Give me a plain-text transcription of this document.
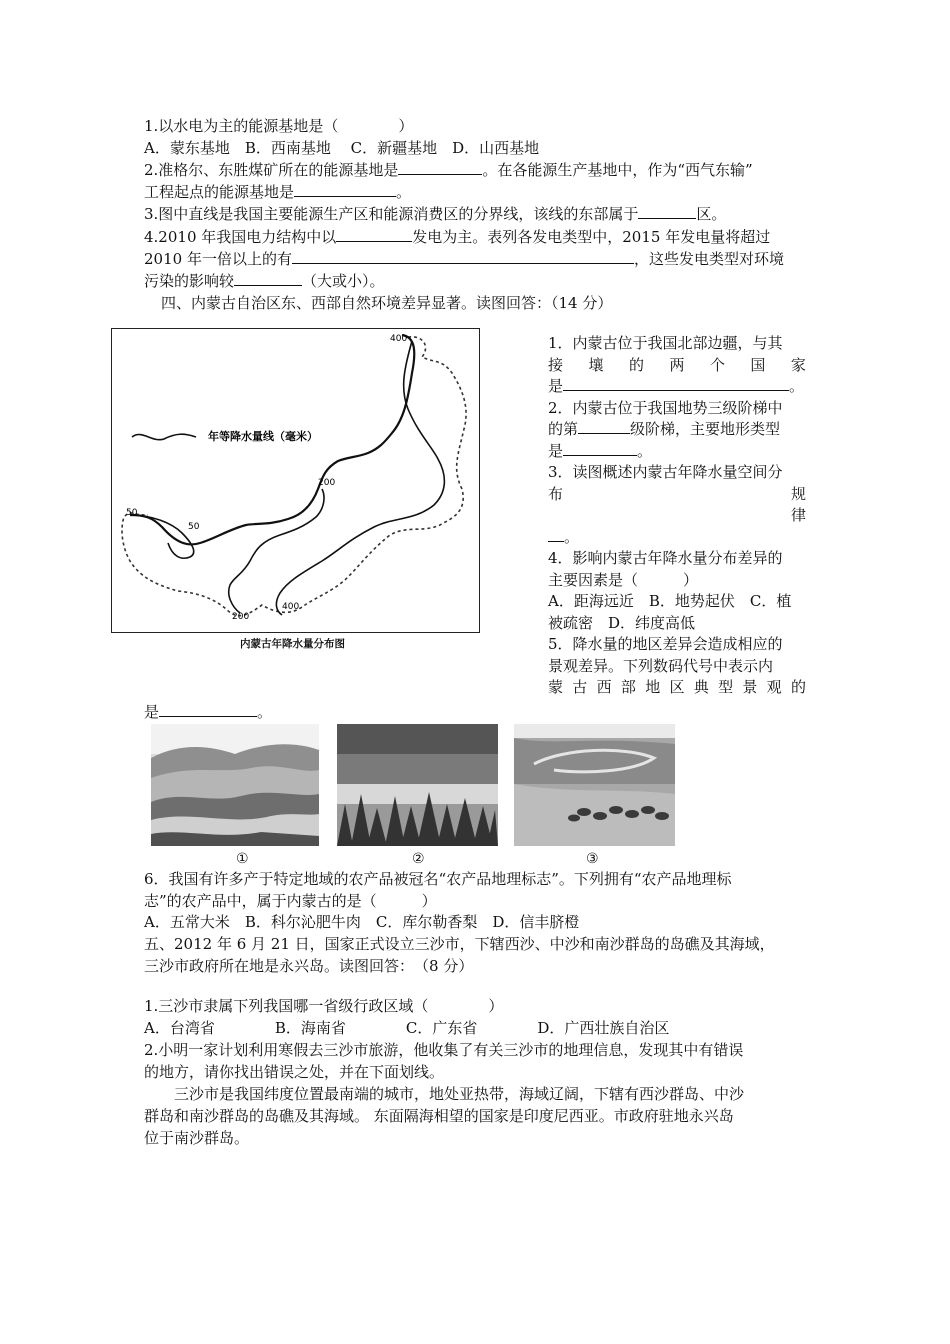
1.以水电为主的能源基地是（　　　　）
A．蒙东基地　B．西南基地　 C．新疆基地　D．山西基地
2.准格尔、东胜煤矿所在的能源基地是	。在各能源生产基地中，作为“西气东输”
工程起点的能源基地是	。
3.图中直线是我国主要能源生产区和能源消费区的分界线，该线的东部属于	区。
4.2010 年我国电力结构中以	发电为主。表列各发电类型中，2015 年发电量将超过
2010 年一倍以上的有	，这些发电类型对环境
污染的影响较	（大或小）。
四、内蒙古自治区东、西部自然环境差异显著。读图回答：（14 分）
年等降水量线（毫米）
400
200
50
50
200
400
内蒙古年降水量分布图
1．内蒙古位于我国北部边疆，与其
接 壤 的 两 个 国 家
是	。
2．内蒙古位于我国地势三级阶梯中
的第	级阶梯，主要地形类型
是	。
3．读图概述内蒙古年降水量空间分
布	规
律
。
4．影响内蒙古年降水量分布差异的
主要因素是（　　　）
A．距海远近　B．地势起伏　C．植
被疏密　D．纬度高低
5．降水量的地区差异会造成相应的
景观差异。下列数码代号中表示内
蒙 古 西 部 地 区 典 型 景 观 的
是	。
①	②	③
6．我国有许多产于特定地域的农产品被冠名“农产品地理标志”。下列拥有“农产品地理标
志”的农产品中，属于内蒙古的是（　　　）
A．五常大米　B．科尔沁肥牛肉　C．库尔勒香梨　D．信丰脐橙
五、2012 年 6 月 21 日，国家正式设立三沙市，下辖西沙、中沙和南沙群岛的岛礁及其海域，
三沙市政府所在地是永兴岛。读图回答：　（8 分）
1.三沙市隶属下列我国哪一省级行政区域（　　　　）
A．台湾省　　　　B．海南省　　　　C．广东省　　　　D．广西壮族自治区
2.小明一家计划利用寒假去三沙市旅游，他收集了有关三沙市的地理信息，发现其中有错误
的地方，请你找出错误之处，并在下面划线。
三沙市是我国纬度位置最南端的城市，地处亚热带，海域辽阔，下辖有西沙群岛、中沙
群岛和南沙群岛的岛礁及其海域。 东面隔海相望的国家是印度尼西亚。市政府驻地永兴岛
位于南沙群岛。
